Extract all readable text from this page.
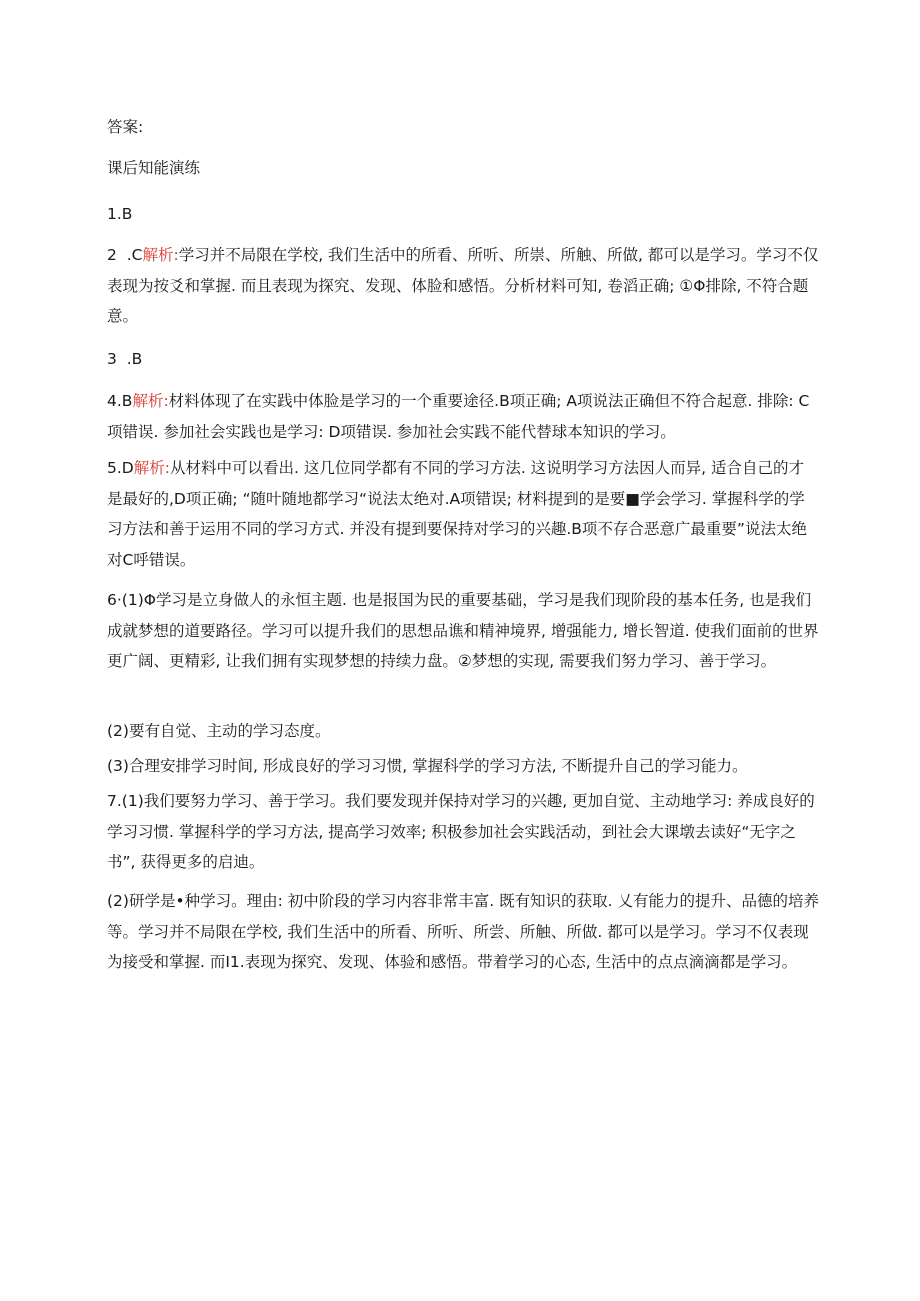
答案:
课后知能演练
1.B
2  .C解析:学习并不局限在学校, 我们生活中的所看、所听、所崇、所触、所做, 都可以是学习。学习不仅表现为按爻和掌握. 而且表现为探究、发现、体脸和感悟。分析材料可知, 卷滔正确; ①Φ排除, 不符合题意。
3  .B
4.B解析:材料体现了在实践中体脸是学习的一个重要途径.B项正确; A项说法正确但不符合起意. 排除: C项错误. 参加社会实践也是学习: D项错误. 参加社会实践不能代替球本知识的学习。
5.D解析:从材料中可以看出. 这几位同学都有不同的学习方法. 这说明学习方法因人而异, 适合自己的才是最好的,D项正确; “随叶随地都学习“说法太绝对.A项错误; 材料提到的是要■学会学习. 掌握科学的学习方法和善于运用不同的学习方式. 并没有提到要保持对学习的兴趣.B项不存合恶意广最重要”说法太绝对C呼错误。
6·(1)Φ学习是立身做人的永恒主题. 也是报国为民的重要基础，学习是我们现阶段的基本任务, 也是我们成就梦想的道要路径。学习可以提升我们的思想品谯和精神境界, 增强能力, 增长智道. 使我们面前的世界更广阔、更精彩, 让我们拥有实现梦想的持续力盘。②梦想的实现, 需要我们努力学习、善于学习。
(2)要有自觉、主动的学习态度。
(3)合理安排学习时间, 形成良好的学习习惯, 掌握科学的学习方法, 不断提升自己的学习能力。
7.(1)我们要努力学习、善于学习。我们要发现并保持对学习的兴趣, 更加自觉、主动地学习: 养成良好的学习习惯. 掌握科学的学习方法, 提高学习效率; 积极参加社会实践活动，到社会大课墩去读好“无字之书”, 获得更多的启迪。
(2)研学是•种学习。理由: 初中阶段的学习内容非常丰富. 既有知识的获取. 乂有能力的提升、品德的培养等。学习并不局限在学校, 我们生活中的所看、所听、所尝、所触、所做. 都可以是学习。学习不仅表现为接受和掌握. 而I1.表现为探究、发现、体验和感悟。带着学习的心态, 生活中的点点滴滴都是学习。
